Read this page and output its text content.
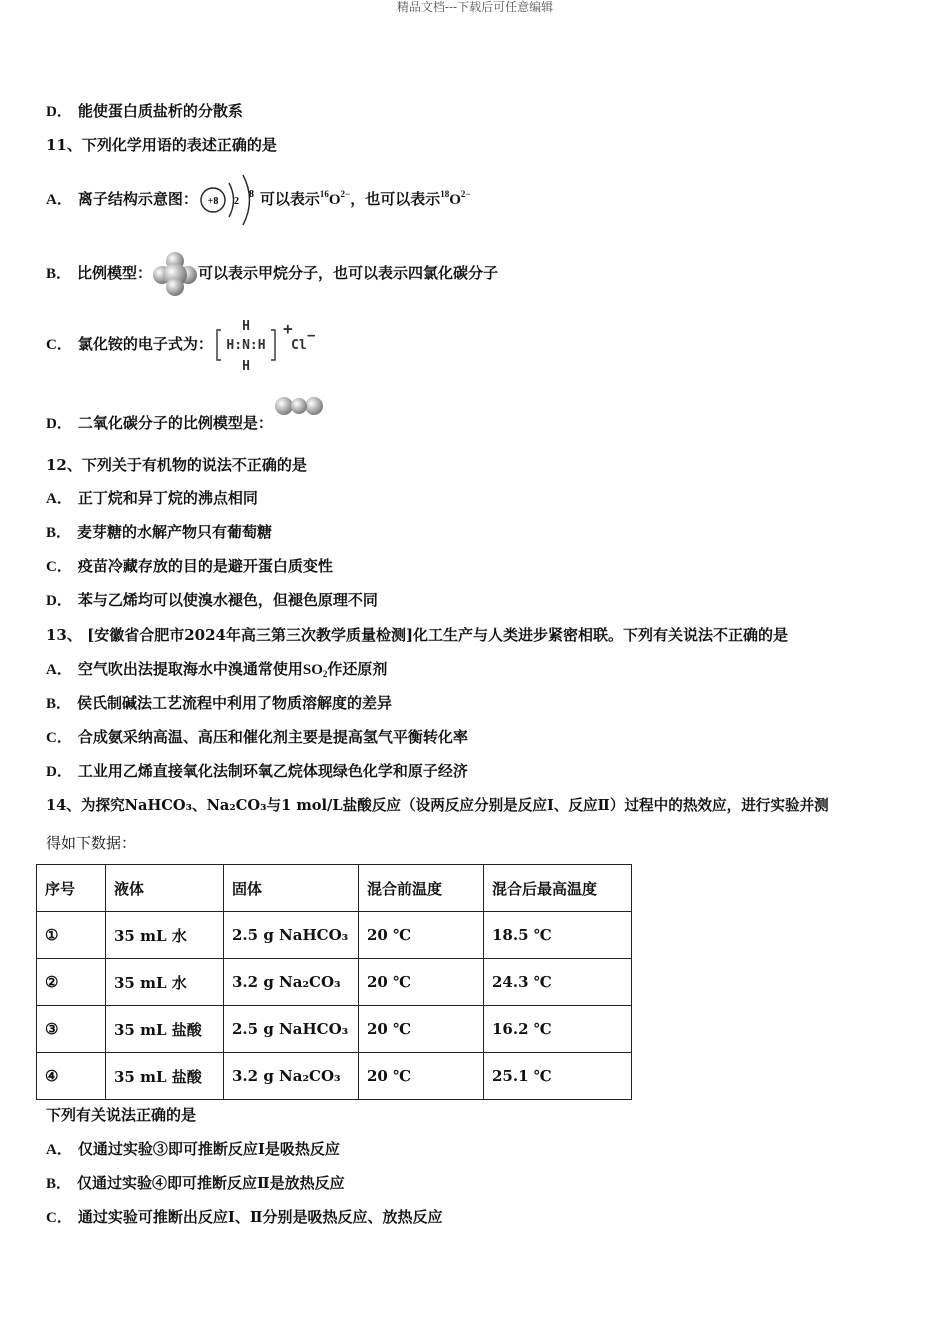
精品文档---下载后可任意编辑
D． 能使蛋白质盐析的分散系
11、下列化学用语的表述正确的是
A． 离子结构示意图： +8 2
8 可以表示$^{16}O^{2-}$，也可以表示$^{18}O^{2-}$
B． 比例模型：	可以表示甲烷分子，也可以表示四氯化碳分子
C． 氯化铵的电子式为：
H
H:N:H
H
+
Cl
−
D． 二氧化碳分子的比例模型是：
12、下列关于有机物的说法不正确的是
A． 正丁烷和异丁烷的沸点相同
B． 麦芽糖的水解产物只有葡萄糖
C． 疫苗冷藏存放的目的是避开蛋白质变性
D． 苯与乙烯均可以使溴水褪色，但褪色原理不同
13、 [安徽省合肥市2024年高三第三次教学质量检测]化工生产与人类进步紧密相联。下列有关说法不正确的是
A． 空气吹出法提取海水中溴通常使用$SO_2$作还原剂
B． 侯氏制碱法工艺流程中利用了物质溶解度的差异
C． 合成氨采纳高温、高压和催化剂主要是提高氢气平衡转化率
D． 工业用乙烯直接氧化法制环氧乙烷体现绿色化学和原子经济
14、为探究NaHCO₃、Na₂CO₃与1 mol/L盐酸反应（设两反应分别是反应Ⅰ、反应Ⅱ）过程中的热效应，进行实验并测
得如下数据：
序号	液体	固体	混合前温度	混合后最高温度
①	35 mL 水	2.5 g NaHCO₃	20 ℃	18.5 ℃
②	35 mL 水	3.2 g Na₂CO₃	20 ℃	24.3 ℃
③	35 mL 盐酸	2.5 g NaHCO₃	20 ℃	16.2 ℃
④	35 mL 盐酸	3.2 g Na₂CO₃	20 ℃	25.1 ℃
下列有关说法正确的是
A． 仅通过实验③即可推断反应Ⅰ是吸热反应
B． 仅通过实验④即可推断反应Ⅱ是放热反应
C． 通过实验可推断出反应Ⅰ、Ⅱ分别是吸热反应、放热反应
